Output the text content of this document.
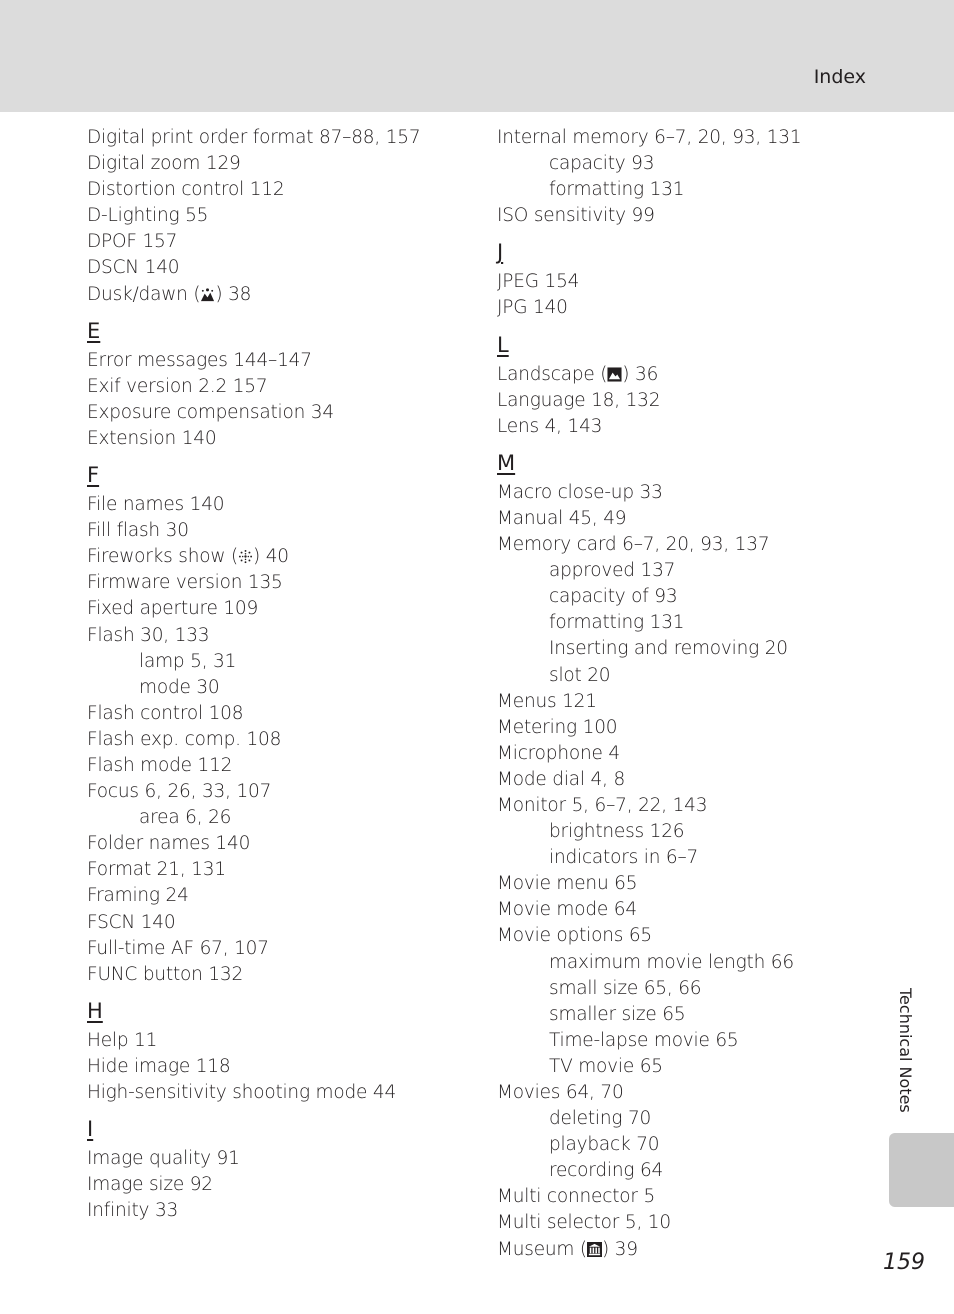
Index
Digital print order format 87–88, 157
Digital zoom 129
Distortion control 112
D-Lighting 55
DPOF 157
DSCN 140
Dusk/dawn ( ) 38
E
Error messages 144–147
Exif version 2.2 157
Exposure compensation 34
Extension 140
F
File names 140
Fill flash 30
Fireworks show ( ) 40
Firmware version 135
Fixed aperture 109
Flash 30, 133
lamp 5, 31
mode 30
Flash control 108
Flash exp. comp. 108
Flash mode 112
Focus 6, 26, 33, 107
area 6, 26
Folder names 140
Format 21, 131
Framing 24
FSCN 140
Full-time AF 67, 107
FUNC button 132
H
Help 11
Hide image 118
High-sensitivity shooting mode 44
I
Image quality 91
Image size 92
Infinity 33
Internal memory 6–7, 20, 93, 131
capacity 93
formatting 131
ISO sensitivity 99
J
JPEG 154
JPG 140
L
Landscape ( ) 36
Language 18, 132
Lens 4, 143
M
Macro close-up 33
Manual 45, 49
Memory card 6–7, 20, 93, 137
approved 137
capacity of 93
formatting 131
Inserting and removing 20
slot 20
Menus 121
Metering 100
Microphone 4
Mode dial 4, 8
Monitor 5, 6–7, 22, 143
brightness 126
indicators in 6–7
Movie menu 65
Movie mode 64
Movie options 65
maximum movie length 66
small size 65, 66
smaller size 65
Time-lapse movie 65
TV movie 65
Movies 64, 70
deleting 70
playback 70
recording 64
Multi connector 5
Multi selector 5, 10
Museum ( ) 39
Technical Notes
159
